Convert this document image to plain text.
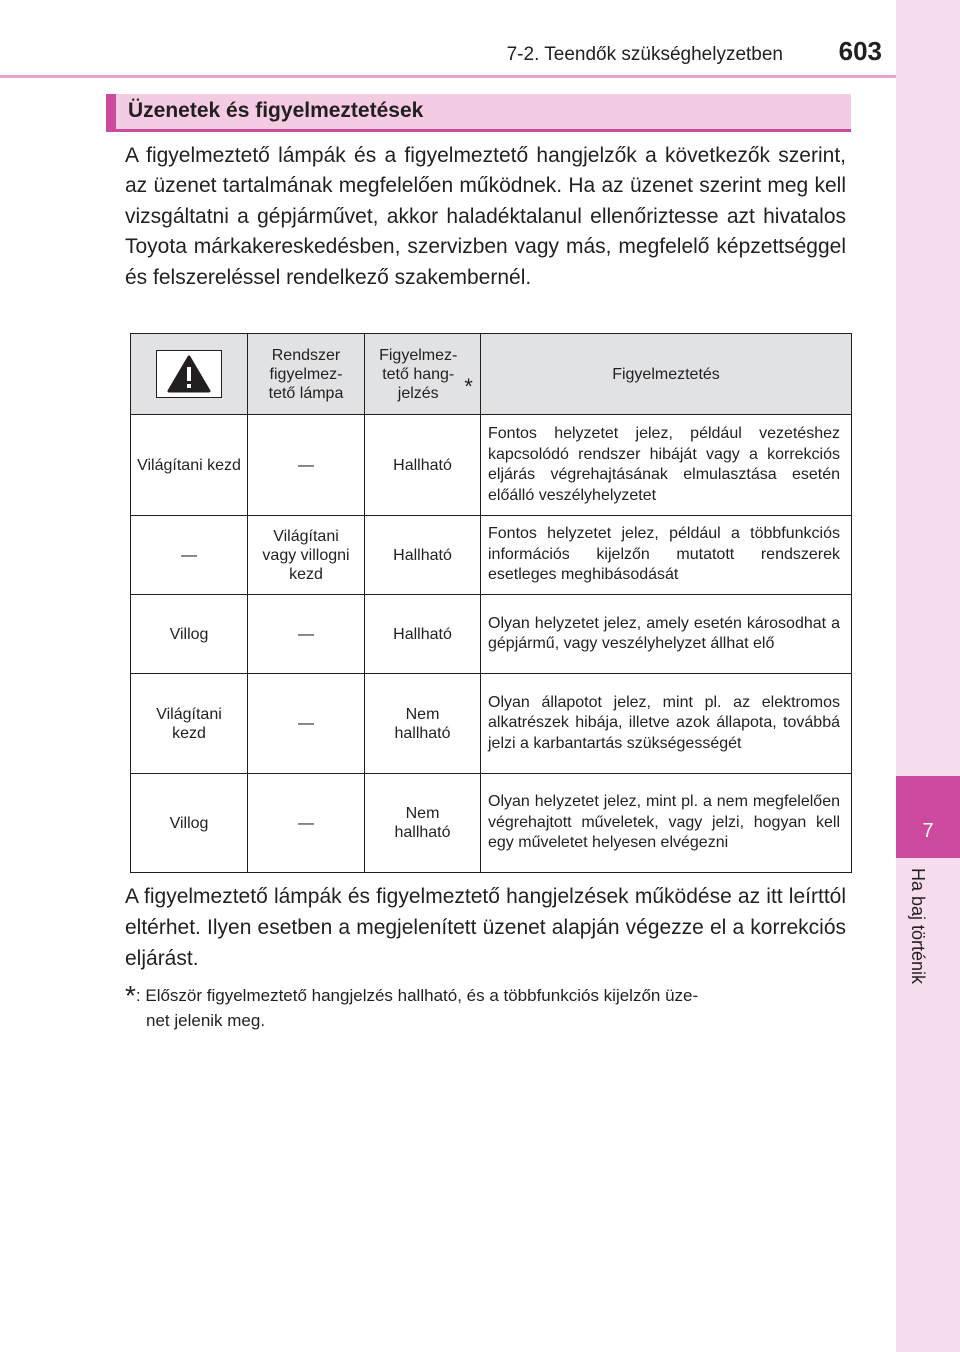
7-2. Teendők szükséghelyzetben 603
7
Ha baj történik
Üzenetek és figyelmeztetések
A figyelmeztető lámpák és a figyelmeztető hangjelzők a következők szerint, az üzenet tartalmának megfelelően működnek. Ha az üzenet szerint meg kell vizsgáltatni a gépjárművet, akkor haladéktalanul ellenőriztesse azt hivatalos Toyota márkakereskedésben, szervizben vagy más, megfelelő képzettséggel és felszereléssel rendelkező szakembernél.
	Rendszer figyelmez-tető lámpa	Figyelmez-tető hang-jelzés *	Figyelmeztetés
Világítani kezd	—	Hallható	Fontos helyzetet jelez, például vezetéshez kapcsolódó rendszer hibáját vagy a korrekciós eljárás végrehajtásának elmulasztása esetén előálló veszélyhelyzetet
—	Világítani vagy villogni kezd	Hallható	Fontos helyzetet jelez, például a többfunkciós információs kijelzőn mutatott rendszerek esetleges meghibásodását
Villog	—	Hallható	Olyan helyzetet jelez, amely esetén károsodhat a gépjármű, vagy veszélyhelyzet állhat elő
Világítani kezd	—	Nem hallható	Olyan állapotot jelez, mint pl. az elektromos alkatrészek hibája, illetve azok állapota, továbbá jelzi a karbantartás szükségességét
Villog	—	Nem hallható	Olyan helyzetet jelez, mint pl. a nem megfelelően végrehajtott műveletek, vagy jelzi, hogyan kell egy műveletet helyesen elvégezni
A figyelmeztető lámpák és figyelmeztető hangjelzések működése az itt leírttól eltérhet. Ilyen esetben a megjelenített üzenet alapján végezze el a korrekciós eljárást.
*: Először figyelmeztető hangjelzés hallható, és a többfunkciós kijelzőn üze-
net jelenik meg.
